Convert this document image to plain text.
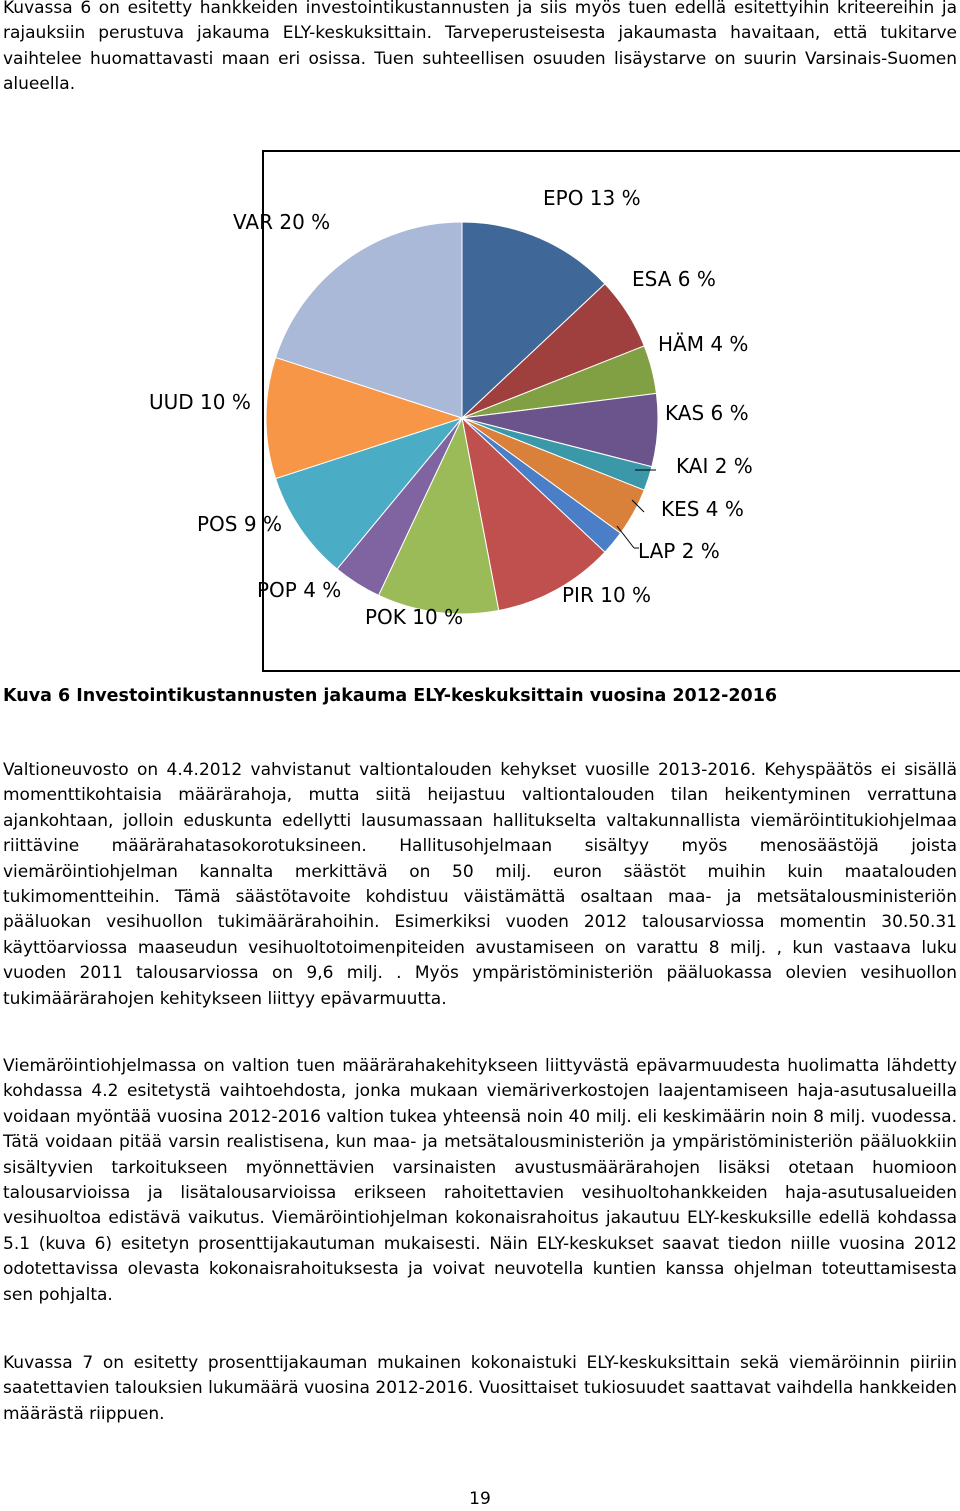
Kuvassa 6 on esitetty hankkeiden investointikustannusten ja siis myös tuen edellä esitettyihin kriteereihin ja rajauksiin perustuva jakauma ELY-keskuksittain. Tarveperusteisesta jakaumasta havaitaan, että tukitarve vaihtelee huomattavasti maan eri osissa. Tuen suhteellisen osuuden lisäystarve on suurin Varsinais-Suomen alueella.

EPO 13 %
ESA 6 %
HÄM 4 %
KAS 6 %
KAI 2 %
KES 4 %
LAP 2 %
PIR 10 %
POK 10 %
POP 4 %
POS 9 %
UUD 10 %
VAR 20 %

Kuva 6 Investointikustannusten jakauma ELY-keskuksittain vuosina 2012-2016

Valtioneuvosto on 4.4.2012 vahvistanut valtiontalouden kehykset vuosille 2013-2016. Kehyspäätös ei sisällä momenttikohtaisia määrärahoja, mutta siitä heijastuu valtiontalouden tilan heikentyminen verrattuna ajankohtaan, jolloin eduskunta edellytti lausumassaan hallitukselta valtakunnallista viemäröintitukiohjelmaa riittävine määrärahatasokorotuksineen. Hallitusohjelmaan sisältyy myös menosäästöjä joista viemäröintiohjelman kannalta merkittävä on 50 milj. euron säästöt muihin kuin maatalouden tukimomentteihin. Tämä säästötavoite kohdistuu väistämättä osaltaan maa- ja metsätalousministeriön pääluokan vesihuollon tukimäärärahoihin. Esimerkiksi vuoden 2012 talousarviossa momentin 30.50.31 käyttöarviossa maaseudun vesihuoltotoimenpiteiden avustamiseen on varattu 8 milj. , kun vastaava luku vuoden 2011 talousarviossa on 9,6 milj. . Myös ympäristöministeriön pääluokassa olevien vesihuollon tukimäärärahojen kehitykseen liittyy epävarmuutta.

Viemäröintiohjelmassa on valtion tuen määrärahakehitykseen liittyvästä epävarmuudesta huolimatta lähdetty kohdassa 4.2 esitetystä vaihtoehdosta, jonka mukaan viemäriverkostojen laajentamiseen haja-asutusalueilla voidaan myöntää vuosina 2012-2016 valtion tukea yhteensä noin 40 milj. eli keskimäärin noin 8 milj. vuodessa. Tätä voidaan pitää varsin realistisena, kun maa- ja metsätalousministeriön ja ympäristöministeriön pääluokkiin sisältyvien tarkoitukseen myönnettävien varsinaisten avustusmäärärahojen lisäksi otetaan huomioon talousarvioissa ja lisätalousarvioissa erikseen rahoitettavien vesihuoltohankkeiden haja-asutusalueiden vesihuoltoa edistävä vaikutus. Viemäröintiohjelman kokonaisrahoitus jakautuu ELY-keskuksille edellä kohdassa 5.1 (kuva 6) esitetyn prosenttijakautuman mukaisesti. Näin ELY-keskukset saavat tiedon niille vuosina 2012 odotettavissa olevasta kokonaisrahoituksesta ja voivat neuvotella kuntien kanssa ohjelman toteuttamisesta sen pohjalta.

Kuvassa 7 on esitetty prosenttijakauman mukainen kokonaistuki ELY-keskuksittain sekä viemäröinnin piiriin saatettavien talouksien lukumäärä vuosina 2012-2016. Vuosittaiset tukiosuudet saattavat vaihdella hankkeiden määrästä riippuen.

19
